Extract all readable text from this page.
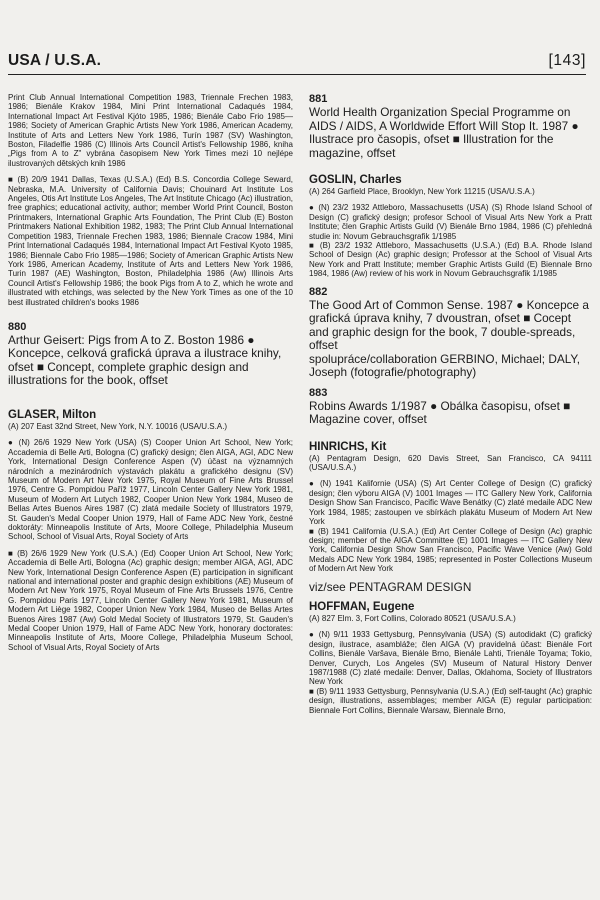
USA / U.S.A.	[143]

Print Club Annual International Competition 1983, Triennale Frechen 1983, 1986; Bienále Krakov 1984, Mini Print International Cadaqués 1984, International Impact Art Festival Kjóto 1985, 1986; Bienále Cabo Frio 1985—1986; Society of American Graphic Artists New York 1986, American Academy, Institute of Arts and Letters New York 1986, Turín 1987 (SV) Washington, Boston, Filadelfie 1986 (C) Illinois Arts Council Artist's Fellowship 1986, kniha „Pigs from A to Z" vybrána časopisem New York Times mezi 10 nejlépe ilustrovaných dětských knih 1986

■ (B) 20/9 1941 Dallas, Texas (U.S.A.) (Ed) B.S. Concordia College Seward, Nebraska, M.A. University of California Davis; Chouinard Art Institute Los Angeles, Otis Art Institute Los Angeles, The Art Institute Chicago (Ac) illustration, free graphics; educational activity, author; member World Print Council, Boston Printmakers, International Graphic Arts Foundation, The Print Club (E) Boston Printmakers National Exhibition 1982, 1983; The Print Club Annual International Competition 1983, Triennale Frechen 1983, 1986; Biennale Cracow 1984, Mini Print International Cadaqués 1984, International Impact Art Festival Kyoto 1985, 1986; Biennale Cabo Frio 1985—1986; Society of American Graphic Artists New York 1986, American Academy, Institute of Arts and Letters New York 1986, Turin 1987 (AE) Washington, Boston, Philadelphia 1986 (Aw) Illinois Arts Council Artist's Fellowship 1986; the book Pigs from A to Z, which he wrote and illustrated with etchings, was selected by the New York Times as one of the 10 best illustrated children's books 1986

880

Arthur Geisert: Pigs from A to Z. Boston 1986 ● Koncepce, celková grafická úprava a ilustrace knihy, ofset ■ Concept, complete graphic design and illustrations for the book, offset

GLASER, Milton

(A) 207 East 32nd Street, New York, N.Y. 10016 (USA/U.S.A.)

● (N) 26/6 1929 New York (USA) (S) Cooper Union Art School, New York; Accademia di Belle Arti, Bologna (C) grafický design; člen AIGA, AGI, ADC New York, International Design Conference Aspen (V) účast na významných národních a mezinárodních výstavách plakátu a grafického designu (SV) Museum of Modern Art New York 1975, Royal Museum of Fine Arts Brussel 1976, Centre G. Pompidou Paříž 1977, Lincoln Center Gallery New York 1981, Museum of Modern Art Lutych 1982, Cooper Union New York 1984, Museo de Bellas Artes Buenos Aires 1987 (C) zlatá medaile Society of Illustrators 1979, St. Gauden's Medal Cooper Union 1979, Hall of Fame ADC New York, čestné doktoráty: Minneapolis Institute of Arts, Moore College, Philadelphia Museum School, School of Visual Arts, Royal Society of Arts

■ (B) 26/6 1929 New York (U.S.A.) (Ed) Cooper Union Art School, New York; Accademia di Belle Arti, Bologna (Ac) graphic design; member AIGA, AGI, ADC New York, International Design Conference Aspen (E) participation in significant national and international poster and graphic design exhibitions (AE) Museum of Modern Art New York 1975, Royal Museum of Fine Arts Brussels 1976, Centre G. Pompidou Paris 1977, Lincoln Center Gallery New York 1981, Museum of Modern Art Liège 1982, Cooper Union New York 1984, Museo de Bellas Artes Buenos Aires 1987 (Aw) Gold Medal Society of Illustrators 1979, St. Gauden's Medal Cooper Union 1979, Hall of Fame ADC New York, honorary doctorates: Minneapolis Institute of Arts, Moore College, Philadelphia Museum School, School of Visual Arts, Royal Society of Arts

881

World Health Organization Special Programme on AIDS / AIDS, A Worldwide Effort Will Stop It. 1987 ● Ilustrace pro časopis, ofset ■ Illustration for the magazine, offset

GOSLIN, Charles

(A) 264 Garfield Place, Brooklyn, New York 11215 (USA/U.S.A.)

● (N) 23/2 1932 Attleboro, Massachusetts (USA) (S) Rhode Island School of Design (C) grafický design; profesor School of Visual Arts New York a Pratt Institute; člen Graphic Artists Guild (V) Bienále Brno 1984, 1986 (C) přehledná studie in: Novum Gebrauchsgrafik 1/1985

■ (B) 23/2 1932 Attleboro, Massachusetts (U.S.A.) (Ed) B.A. Rhode Island School of Design (Ac) graphic design; Professor at the School of Visual Arts New York and Pratt Institute; member Graphic Artists Guild (E) Biennale Brno 1984, 1986 (Aw) review of his work in Novum Gebrauchsgrafik 1/1985

882

The Good Art of Common Sense. 1987 ● Koncepce a grafická úprava knihy, 7 dvoustran, ofset ■ Cocept and graphic design for the book, 7 double-spreads, offset

spolupráce/collaboration GERBINO, Michael; DALY, Joseph (fotografie/photography)

883

Robins Awards 1/1987 ● Obálka časopisu, ofset ■ Magazine cover, offset

HINRICHS, Kit

(A) Pentagram Design, 620 Davis Street, San Francisco, CA 94111 (USA/U.S.A.)

● (N) 1941 Kalifornie (USA) (S) Art Center College of Design (C) grafický design; člen výboru AIGA (V) 1001 Images — ITC Gallery New York, California Design Show San Francisco, Pacific Wave Benátky (C) zlaté medaile ADC New York 1984, 1985; zastoupen ve sbírkách plakátu Museum of Modern Art New York

■ (B) 1941 California (U.S.A.) (Ed) Art Center College of Design (Ac) graphic design; member of the AIGA Committee (E) 1001 Images — ITC Gallery New York, California Design Show San Francisco, Pacific Wave Venice (Aw) Gold Medals ADC New York 1984, 1985; represented in Poster Collections Museum of Modern Art New York

viz/see PENTAGRAM DESIGN

HOFFMAN, Eugene

(A) 827 Elm. 3, Fort Collins, Colorado 80521 (USA/U.S.A.)

● (N) 9/11 1933 Gettysburg, Pennsylvania (USA) (S) autodidakt (C) grafický design, ilustrace, asambláže; člen AIGA (V) pravidelná účast: Bienále Fort Collins, Bienále Varšava, Bienále Brno, Bienále Lahti, Trienále Toyama; Tokio, Denver, Curych, Los Angeles (SV) Museum of Natural History Denver 1987/1988 (C) zlaté medaile: Denver, Dallas, Oklahoma, Society of Illustrators New York

■ (B) 9/11 1933 Gettysburg, Pennsylvania (U.S.A.) (Ed) self-taught (Ac) graphic design, illustrations, assemblages; member AIGA (E) regular participation: Biennale Fort Collins, Biennale Warsaw, Biennale Brno,
